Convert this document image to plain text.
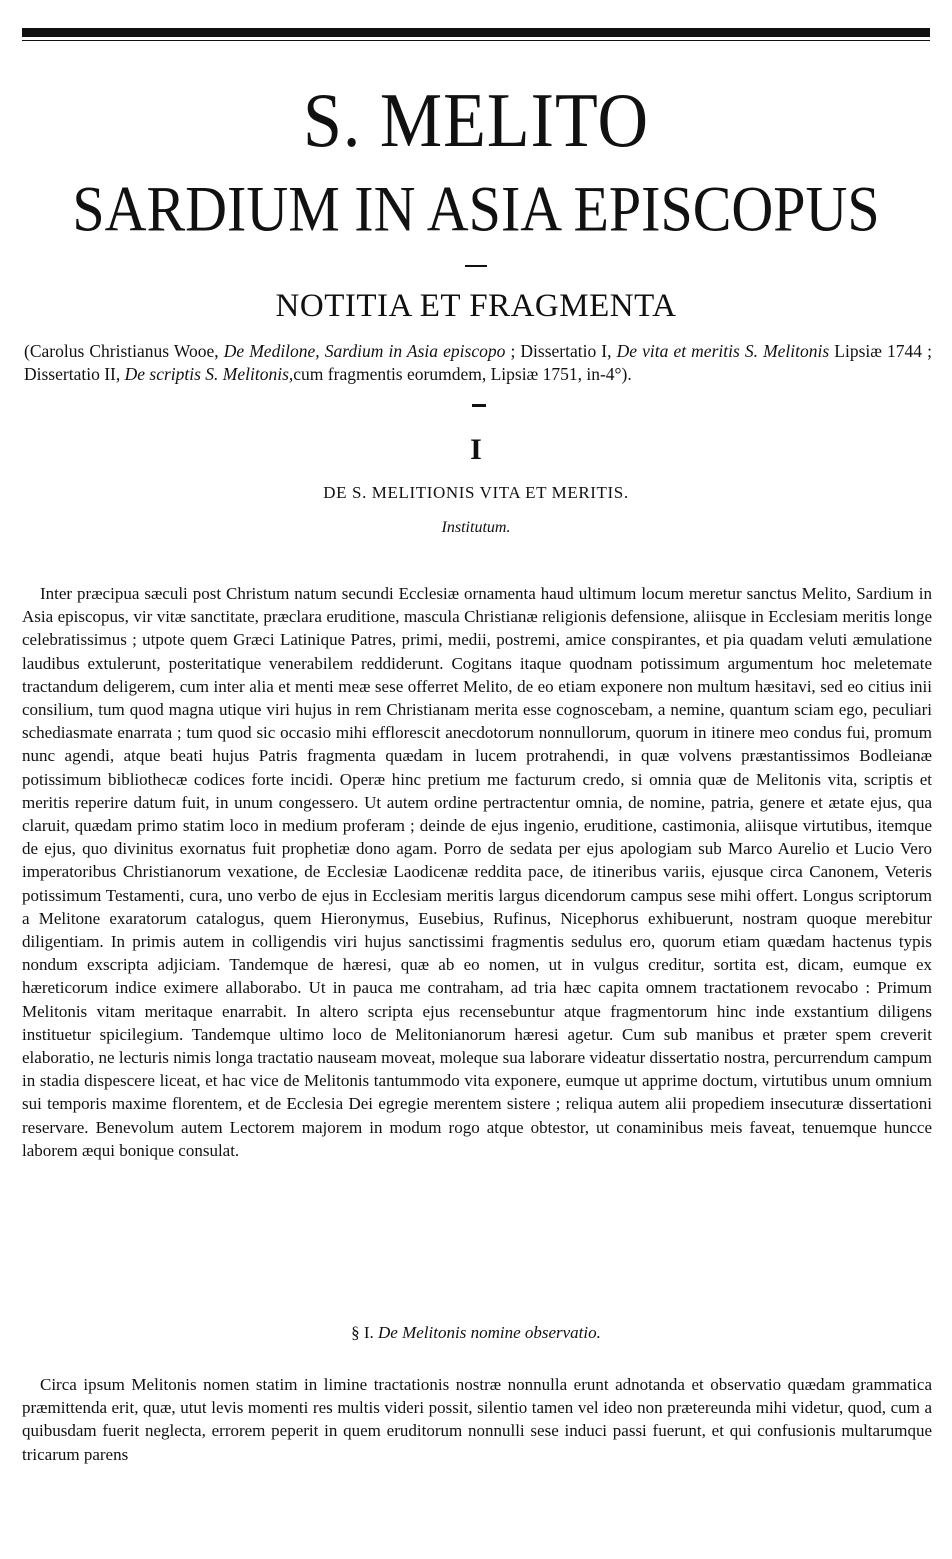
S. MELITO
SARDIUM IN ASIA EPISCOPUS
NOTITIA ET FRAGMENTA
(Carolus Christianus Wooe, De Medilone, Sardium in Asia episcopo ; Dissertatio I, De vita et meritis S. Melitonis Lipsiæ 1744 ; Dissertatio II, De scriptis S. Melitonis,cum fragmentis eorumdem, Lipsiæ 1751, in-4°).
I
DE S. MELITIONIS VITA ET MERITIS.
Institutum.

Inter præcipua sæculi post Christum natum secundi Ecclesiæ ornamenta haud ultimum locum meretur sanctus Melito, Sardium in Asia episcopus, vir vitæ sanctitate, præclara eruditione, mascula Christianæ religionis defensione, aliisque in Ecclesiam meritis longe celebratissimus ; utpote quem Græci Latinique Patres, primi, medii, postremi, amice conspirantes, et pia quadam veluti æmulatione laudibus extulerunt, posteritatique venerabilem reddiderunt. Cogitans itaque quodnam potissimum argumentum hoc meletemate tractandum deligerem, cum inter alia et menti meæ sese offerret Melito, de eo etiam exponere non multum hæsitavi, sed eo citius inii consilium, tum quod magna utique viri hujus in rem Christianam merita esse cognoscebam, a nemine, quantum sciam ego, peculiari schediasmate enarrata ; tum quod sic occasio mihi efflorescit anecdotorum nonnullorum, quorum in itinere meo condus fui, promum nunc agendi, atque beati hujus Patris fragmenta quædam in lucem protrahendi, in quæ volvens præstantissimos Bodleianæ potissimum bibliothecæ codices forte incidi. Operæ hinc pretium me facturum credo, si omnia quæ de Melitonis vita, scriptis et meritis reperire datum fuit, in unum congessero. Ut autem ordine pertractentur omnia, de nomine, patria, genere et ætate ejus, qua claruit, quædam primo statim loco in medium proferam ; deinde de ejus ingenio, eruditione, castimonia, aliisque virtutibus, itemque de ejus, quo divinitus exornatus fuit prophetiæ dono agam. Porro de sedata per ejus apologiam sub Marco Aurelio et Lucio Vero imperatoribus Christianorum vexatione, de Ecclesiæ Laodicenæ reddita pace, de itineribus variis, ejusque circa Canonem, Veteris potissimum Testamenti, cura, uno verbo de ejus in Ecclesiam meritis largus dicendorum campus sese mihi offert. Longus scriptorum a Melitone exaratorum catalogus, quem Hieronymus, Eusebius, Rufinus, Nicephorus exhibuerunt, nostram quoque merebitur diligentiam. In primis autem in colligendis viri hujus sanctissimi fragmentis sedulus ero, quorum etiam quædam hactenus typis nondum exscripta adjiciam. Tandemque de hæresi, quæ ab eo nomen, ut in vulgus creditur, sortita est, dicam, eumque ex hæreticorum indice eximere allaborabo. Ut in pauca me contraham, ad tria hæc capita omnem tractationem revocabo : Primum Melitonis vitam meritaque enarrabit. In altero scripta ejus recensebuntur atque fragmentorum hinc inde exstantium diligens instituetur spicilegium. Tandemque ultimo loco de Melitonianorum hæresi agetur. Cum sub manibus et præter spem creverit elaboratio, ne lecturis nimis longa tractatio nauseam moveat, moleque sua laborare videatur dissertatio nostra, percurrendum campum in stadia dispescere liceat, et hac vice de Melitonis tantummodo vita exponere, eumque ut apprime doctum, virtutibus unum omnium sui temporis maxime florentem, et de Ecclesia Dei egregie merentem sistere ; reliqua autem alii propediem insecuturæ dissertationi reservare. Benevolum autem Lectorem majorem in modum rogo atque obtestor, ut conaminibus meis faveat, tenuemque huncce laborem æqui bonique consulat.

§ I. De Melitonis nomine observatio.

Circa ipsum Melitonis nomen statim in limine tractationis nostræ nonnulla erunt adnotanda et observatio quædam grammatica præmittenda erit, quæ, utut levis momenti res multis videri possit, silentio tamen vel ideo non prætereunda mihi videtur, quod, cum a quibusdam fuerit neglecta, errorem peperit in quem eruditorum nonnulli sese induci passi fuerunt, et qui confusionis multarumque tricarum parens
